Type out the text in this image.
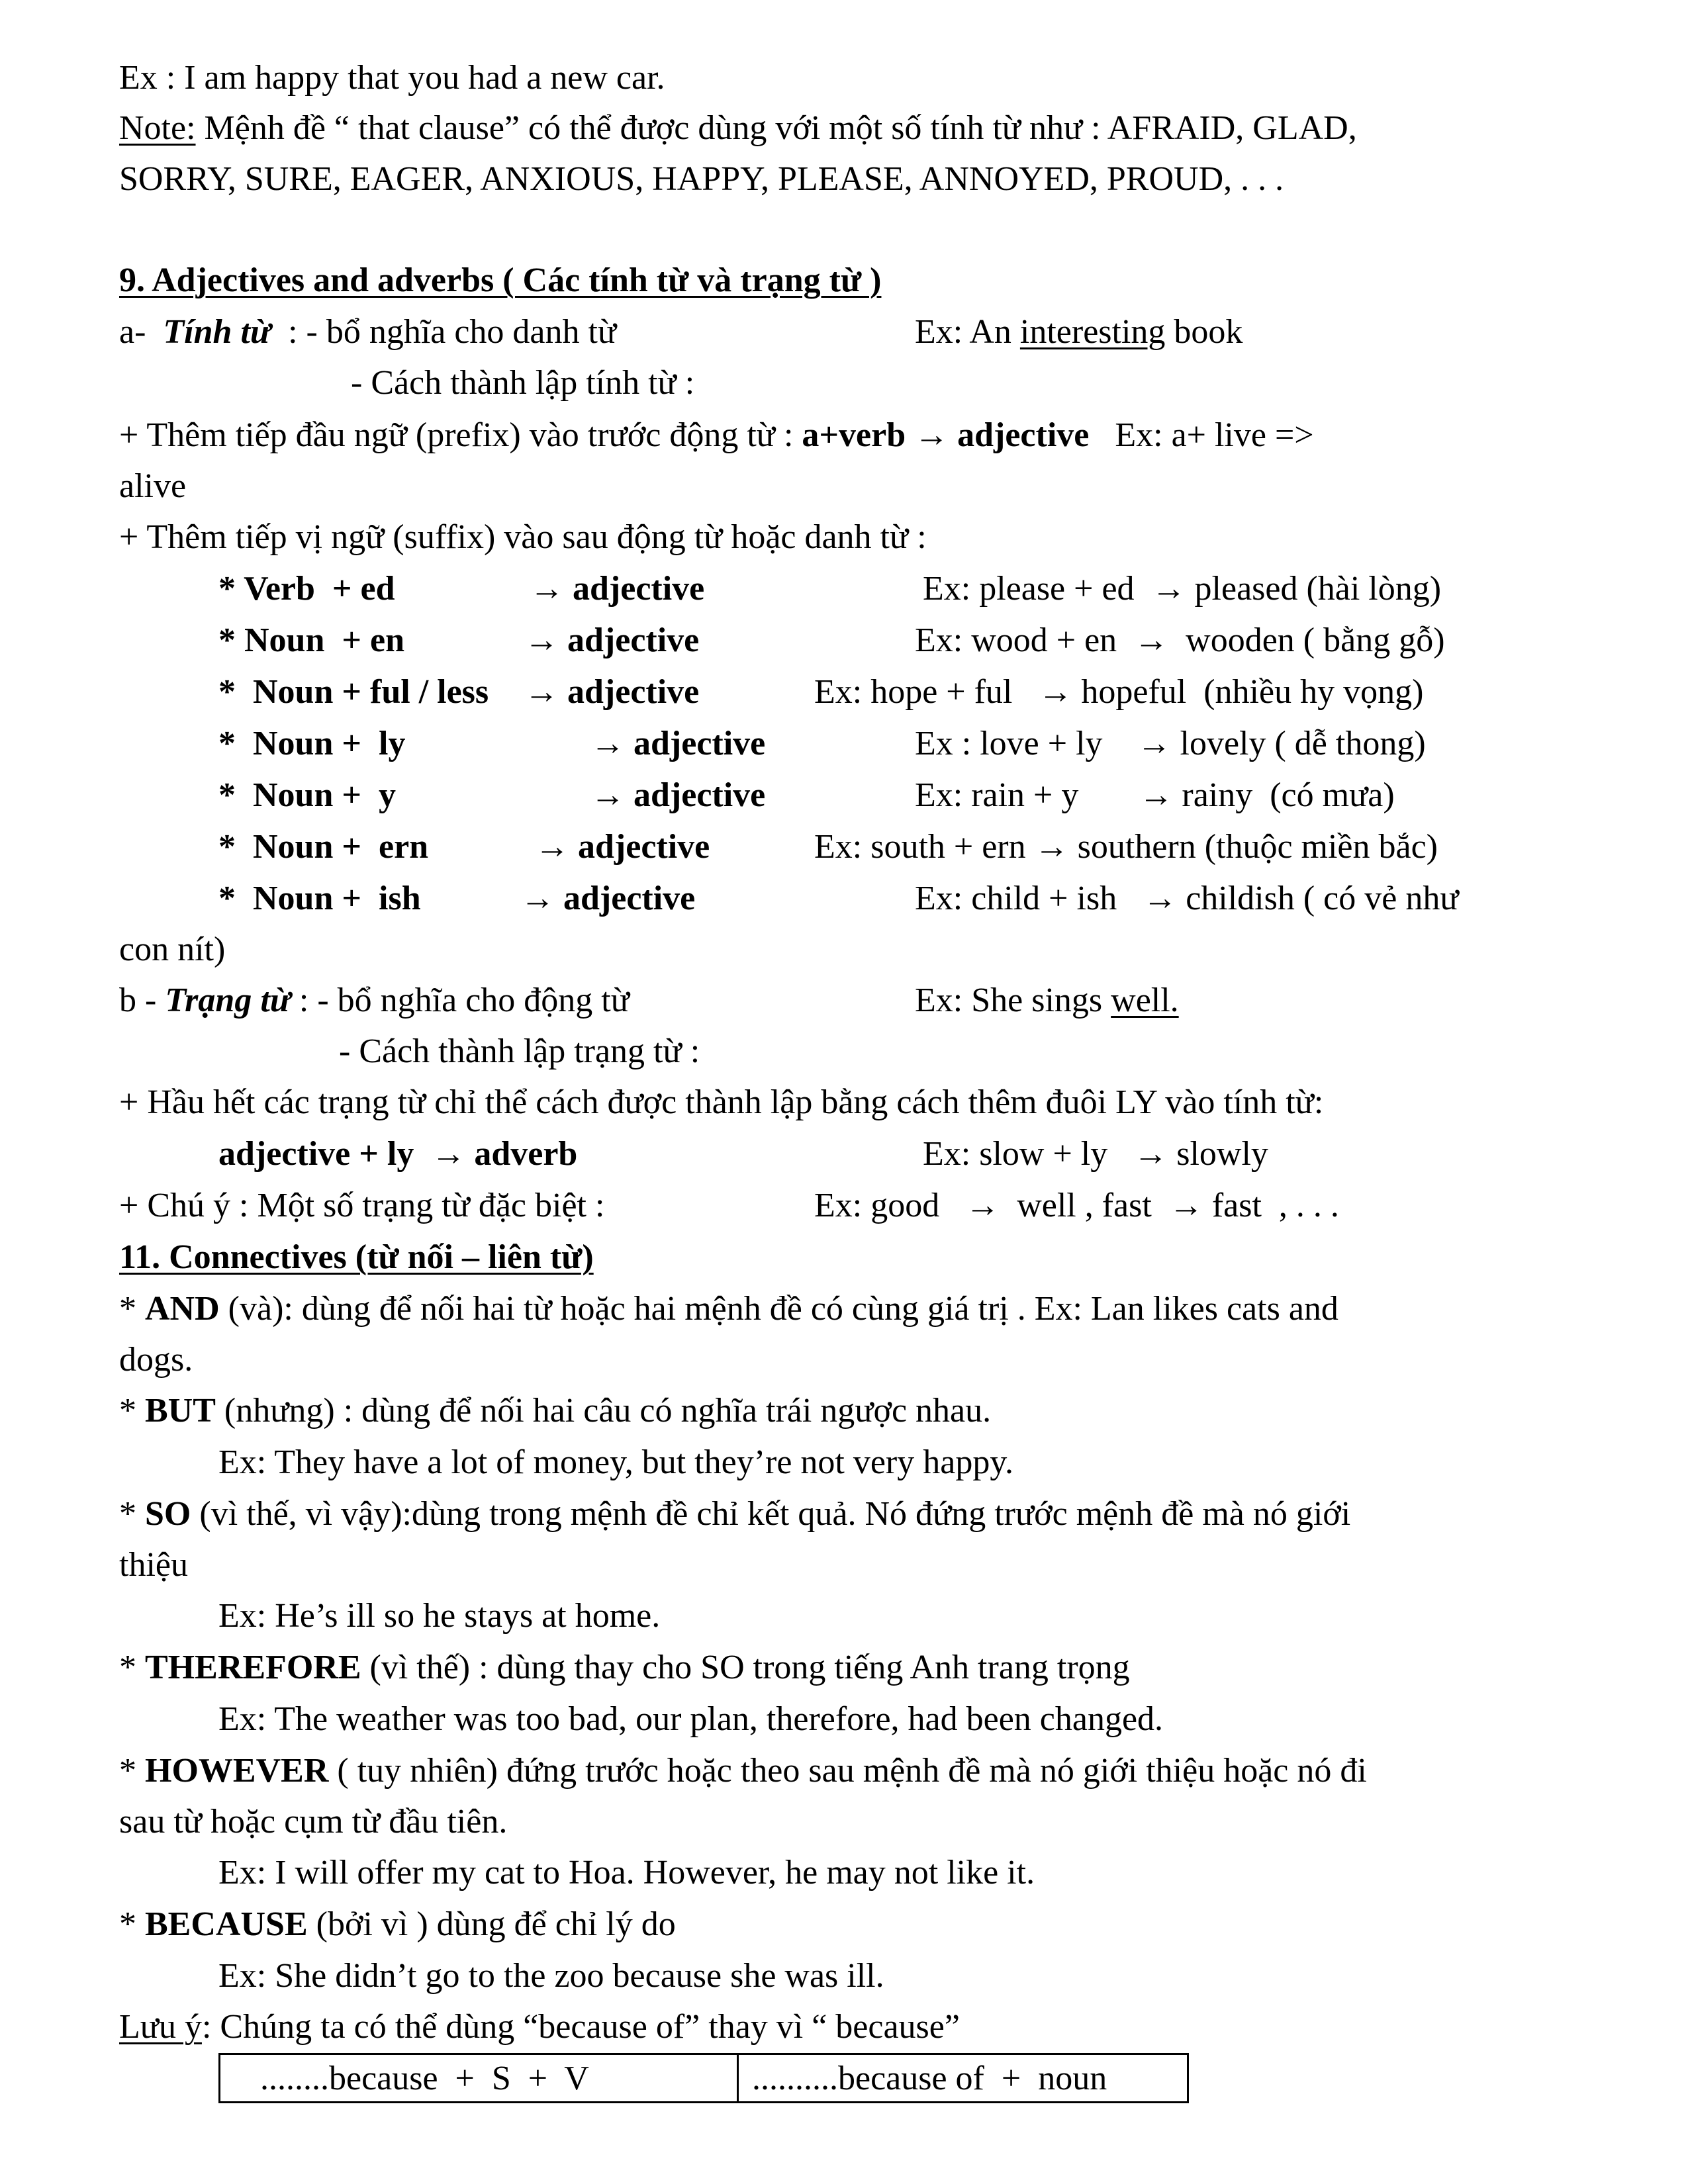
Ex : I am happy that you had a new car.
Note: Mệnh đề “ that clause” có thể được dùng với một số tính từ như : AFRAID, GLAD,
SORRY, SURE, EAGER, ANXIOUS, HAPPY, PLEASE, ANNOYED, PROUD, . . .
9. Adjectives and adverbs ( Các tính từ và trạng từ )
a-  Tính từ  : - bổ nghĩa cho danh từ	Ex: An interesting book
- Cách thành lập tính từ :
+ Thêm tiếp đầu ngữ (prefix) vào trước động từ : a+verb → adjective   Ex: a+ live =>
alive
+ Thêm tiếp vị ngữ (suffix) vào sau động từ hoặc danh từ :
* Verb  + ed	→ adjective	Ex: please + ed  → pleased (hài lòng)
* Noun  + en	→ adjective	Ex: wood + en  →  wooden ( bằng gỗ)
*  Noun + ful / less → adjective	Ex: hope + ful   → hopeful  (nhiều hy vọng)
*  Noun +  ly	→ adjective	Ex : love + ly    → lovely ( dễ thong)
*  Noun +  y	→ adjective	Ex: rain + y       → rainy  (có mưa)
*  Noun +  ern	→ adjective	Ex: south + ern → southern (thuộc miền bắc)
*  Noun +  ish	→ adjective	Ex: child + ish   → childish ( có vẻ như
con nít)
b - Trạng từ : - bổ nghĩa cho động từ	Ex: She sings well.
- Cách thành lập trạng từ :
+ Hầu hết các trạng từ chỉ thể cách được thành lập bằng cách thêm đuôi LY vào tính từ:
adjective + ly  → adverb	Ex: slow + ly   → slowly
+ Chú ý : Một số trạng từ đặc biệt :	Ex: good   →  well , fast  → fast  , . . .
11. Connectives (từ nối – liên từ)
* AND (và): dùng để nối hai từ hoặc hai mệnh đề có cùng giá trị . Ex: Lan likes cats and
dogs.
* BUT (nhưng) : dùng để nối hai câu có nghĩa trái ngược nhau.
Ex: They have a lot of money, but they’re not very happy.
* SO (vì thế, vì vậy):dùng trong mệnh đề chỉ kết quả. Nó đứng trước mệnh đề mà nó giới
thiệu
Ex: He’s ill so he stays at home.
* THEREFORE (vì thế) : dùng thay cho SO trong tiếng Anh trang trọng
Ex: The weather was too bad, our plan, therefore, had been changed.
* HOWEVER ( tuy nhiên) đứng trước hoặc theo sau mệnh đề mà nó giới thiệu hoặc nó đi
sau từ hoặc cụm từ đầu tiên.
Ex: I will offer my cat to Hoa. However, he may not like it.
* BECAUSE (bởi vì ) dùng để chỉ lý do
Ex: She didn’t go to the zoo because she was ill.
Lưu ý: Chúng ta có thể dùng “because of” thay vì “ because”
........because  +  S  +  V	..........because of  +  noun
